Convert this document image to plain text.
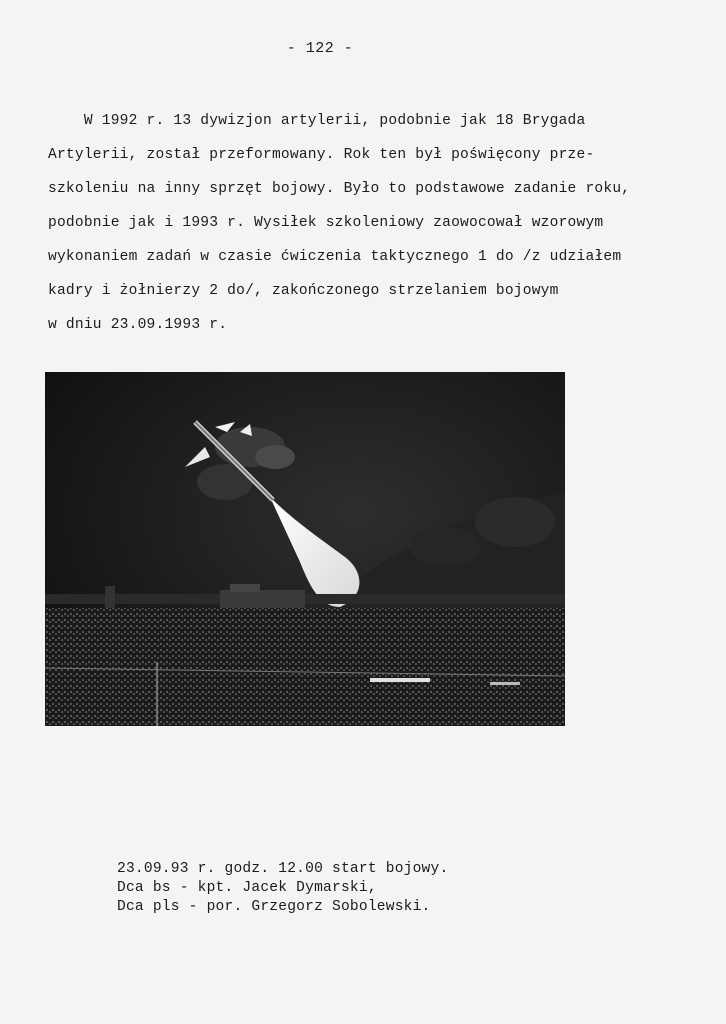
- 122 -
W 1992 r. 13 dywizjon artylerii, podobnie jak 18 Brygada
Artylerii, został przeformowany. Rok ten był poświęcony prze-
szkoleniu na inny sprzęt bojowy. Było to podstawowe zadanie roku,
podobnie jak i 1993 r. Wysiłek szkoleniowy zaowocował wzorowym
wykonaniem zadań w czasie ćwiczenia taktycznego 1 do /z udziałem
kadry i żołnierzy 2 do/, zakończonego strzelaniem bojowym
w dniu 23.09.1993 r.
23.09.93 r. godz. 12.00 start bojowy.
Dca bs - kpt. Jacek Dymarski,
Dca pls - por. Grzegorz Sobolewski.
